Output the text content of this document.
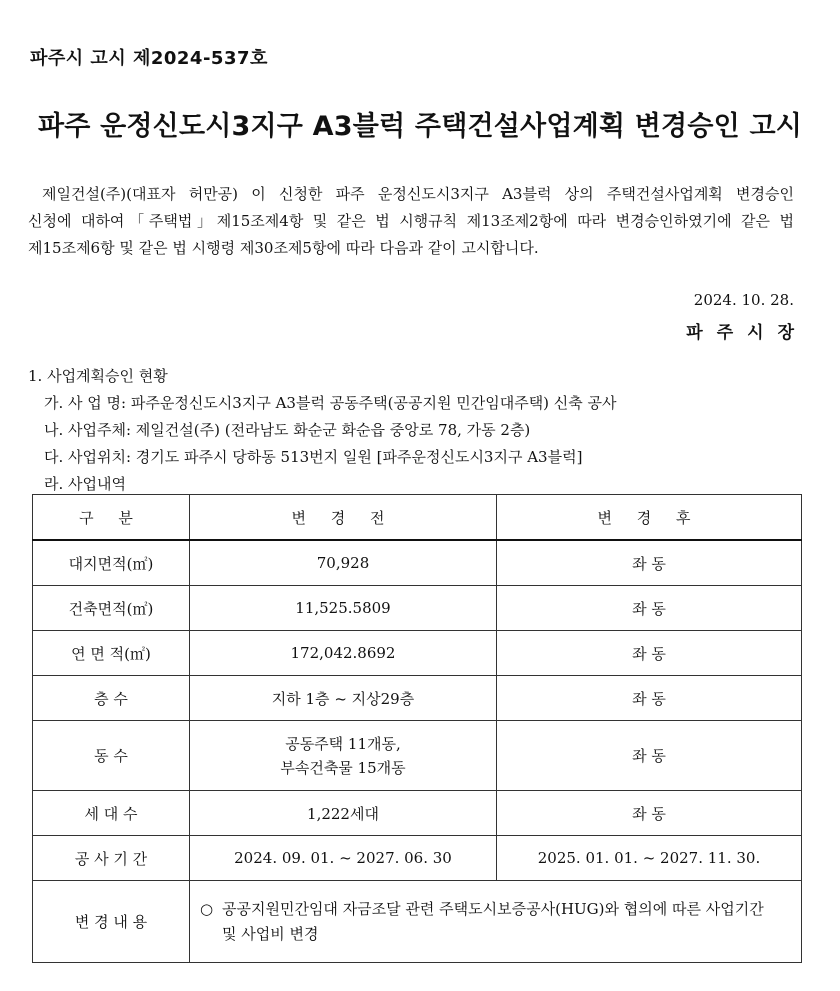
파주시 고시 제2024-537호
파주 운정신도시3지구 A3블럭 주택건설사업계획 변경승인 고시
제일건설(주)(대표자 허만공) 이 신청한 파주 운정신도시3지구 A3블럭 상의 주택건설사업계획 변경승인
신청에 대하여「주택법」제15조제4항 및 같은 법 시행규칙 제13조제2항에 따라 변경승인하였기에 같은 법
제15조제6항 및 같은 법 시행령 제30조제5항에 따라 다음과 같이 고시합니다.
2024. 10. 28.
파주시장
1. 사업계획승인 현황
가. 사 업 명: 파주운정신도시3지구 A3블럭 공동주택(공공지원 민간임대주택) 신축 공사
나. 사업주체: 제일건설(주) (전라남도 화순군 화순읍 중앙로 78, 가동 2층)
다. 사업위치: 경기도 파주시 당하동 513번지 일원 [파주운정신도시3지구 A3블럭]
라. 사업내역
구 분	변 경 전	변 경 후
대지면적(㎡)	70,928	좌 동
건축면적(㎡)	11,525.5809	좌 동
연 면 적(㎡)	172,042.8692	좌 동
층 수	지하 1층 ~ 지상29층	좌 동
동 수	공동주택 11개동,
부속건축물 15개동	좌 동
세 대 수	1,222세대	좌 동
공 사 기 간	2024. 09. 01. ~ 2027. 06. 30	2025. 01. 01. ~ 2027. 11. 30.
변 경 내 용	○ 공공지원민간임대 자금조달 관련 주택도시보증공사(HUG)와 협의에 따른 사업기간
및 사업비 변경	
